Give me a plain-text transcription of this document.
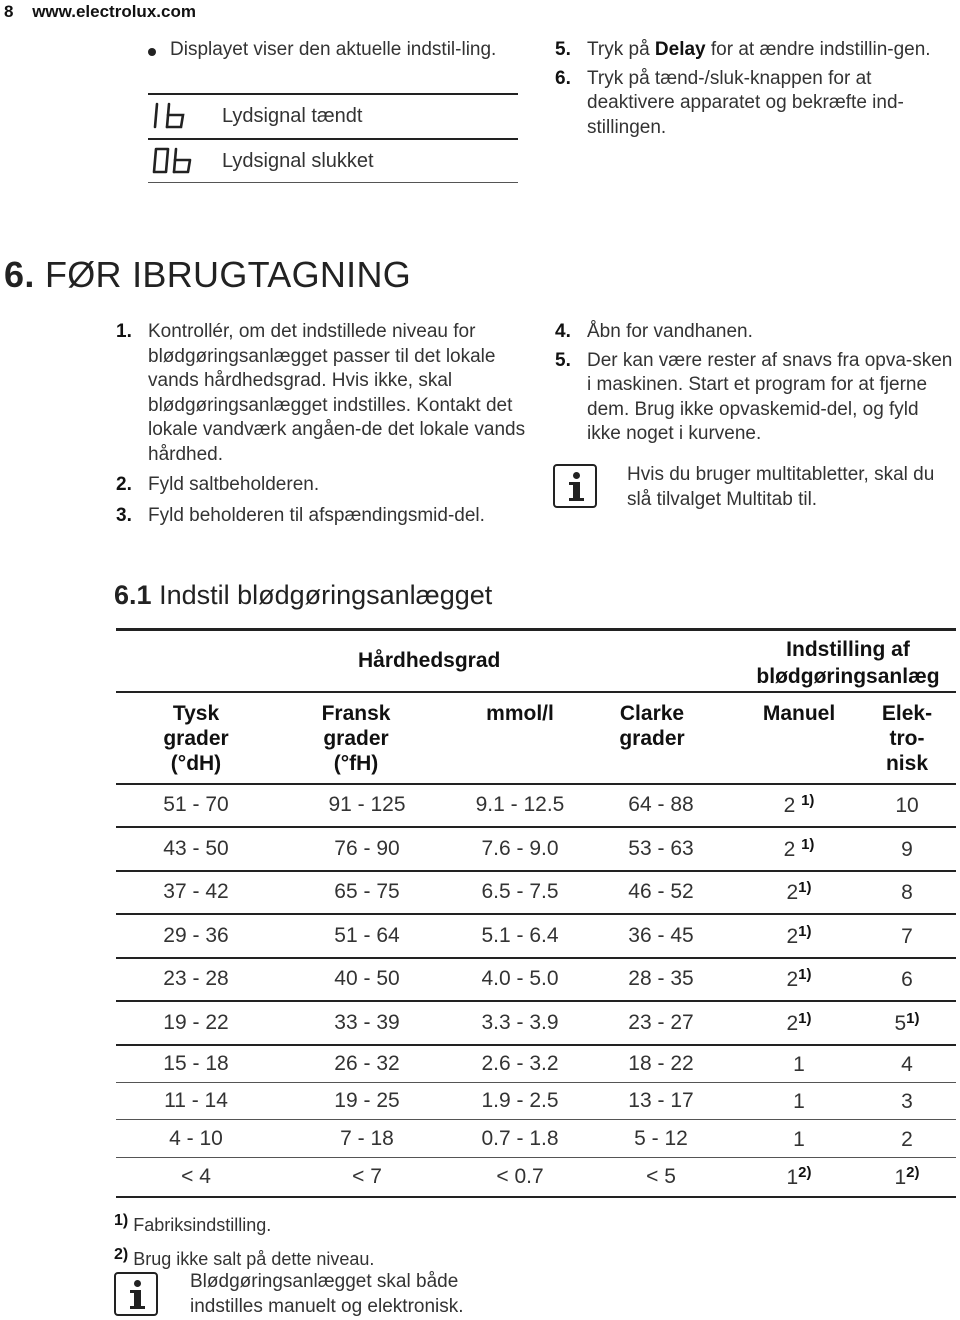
8 www.electrolux.com
Displayet viser den aktuelle indstil-ling.
Lydsignal tændt
Lydsignal slukket
5. Tryk på Delay for at ændre indstillin-gen.
6. Tryk på tænd-/sluk-knappen for at deaktivere apparatet og bekræfte ind-stillingen.
6. FØR IBRUGTAGNING
1. Kontrollér, om det indstillede niveau for blødgøringsanlægget passer til det lokale vands hårdhedsgrad. Hvis ikke, skal blødgøringsanlægget indstilles. Kontakt det lokale vandværk angåen-de det lokale vands hårdhed.
2. Fyld saltbeholderen.
3. Fyld beholderen til afspændingsmid-del.
4. Åbn for vandhanen.
5. Der kan være rester af snavs fra opva-sken i maskinen. Start et program for at fjerne dem. Brug ikke opvaskemid-del, og fyld ikke noget i kurvene.
Hvis du bruger multitabletter, skal du slå tilvalget Multitab til.
6.1 Indstil blødgøringsanlægget
	Hårdhedsgrad			Indstilling af blødgøringsanlæg	

Tysk grader (°dH)	Fransk grader (°fH)	mmol/l	Clarke grader	Manuel	Elek-tro-nisk

51 - 70	91 - 125	9.1 - 12.5	64 - 88	2 $^{1)}$	10
43 - 50	76 - 90	7.6 - 9.0	53 - 63	2 $^{1)}$	9
37 - 42	65 - 75	6.5 - 7.5	46 - 52	2$^{1)}$	8
29 - 36	51 - 64	5.1 - 6.4	36 - 45	2$^{1)}$	7
23 - 28	40 - 50	4.0 - 5.0	28 - 35	2$^{1)}$	6
19 - 22	33 - 39	3.3 - 3.9	23 - 27	2$^{1)}$	5$^{1)}$
15 - 18	26 - 32	2.6 - 3.2	18 - 22	1	4
11 - 14	19 - 25	1.9 - 2.5	13 - 17	1	3
4 - 10	7 - 18	0.7 - 1.8	5 - 12	1	2
< 4	< 7	< 0.7	< 5	1$^{2)}$	1$^{2)}$
$^{1)}$ Fabriksindstilling.
$^{2)}$ Brug ikke salt på dette niveau.
Blødgøringsanlægget skal både indstilles manuelt og elektronisk.
